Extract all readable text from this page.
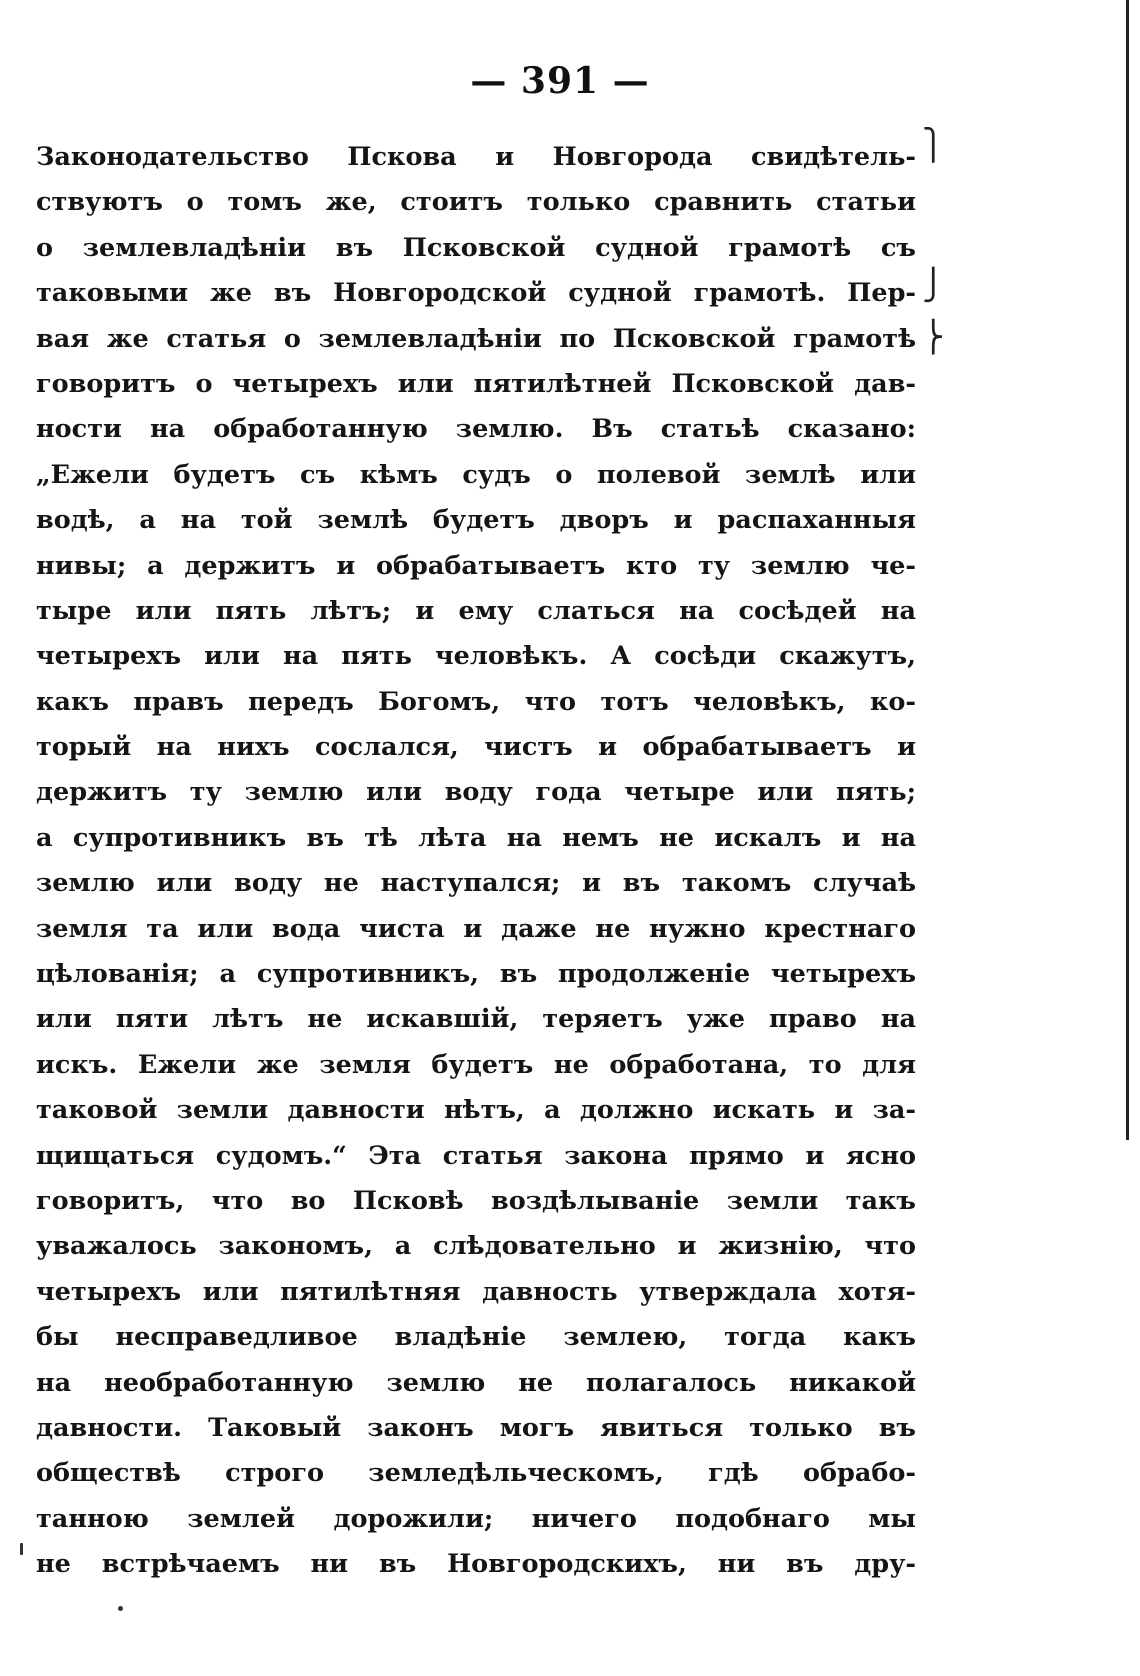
— 391 —
Законодательство Пскова и Новгорода свидѣтель-
ствуютъ о томъ же, стоитъ только сравнить статьи
о землевладѣніи въ Псковской судной грамотѣ съ
таковыми же въ Новгородской судной грамотѣ. Пер-
вая же статья о землевладѣніи по Псковской грамотѣ
говоритъ о четырехъ или пятилѣтней Псковской дав-
ности на обработанную землю. Въ статьѣ сказано:
„Ежели будетъ съ кѣмъ судъ о полевой землѣ или
водѣ, а на той землѣ будетъ дворъ и распаханныя
нивы; а держитъ и обрабатываетъ кто ту землю че-
тыре или пять лѣтъ; и ему слаться на сосѣдей на
четырехъ или на пять человѣкъ. А сосѣди скажутъ,
какъ правъ передъ Богомъ, что тотъ человѣкъ, ко-
торый на нихъ сослался, чистъ и обрабатываетъ и
держитъ ту землю или воду года четыре или пять;
а супротивникъ въ тѣ лѣта на немъ не искалъ и на
землю или воду не наступался; и въ такомъ случаѣ
земля та или вода чиста и даже не нужно крестнаго
цѣлованія; а супротивникъ, въ продолженіе четырехъ
или пяти лѣтъ не искавшій, теряетъ уже право на
искъ. Ежели же земля будетъ не обработана, то для
таковой земли давности нѣтъ, а должно искать и за-
щищаться судомъ.“ Эта статья закона прямо и ясно
говоритъ, что во Псковѣ воздѣлываніе земли такъ
уважалось закономъ, а слѣдовательно и жизнію, что
четырехъ или пятилѣтняя давность утверждала хотя-
бы несправедливое владѣніе землею, тогда какъ
на необработанную землю не полагалось никакой
давности. Таковый законъ могъ явиться только въ
обществѣ строго земледѣльческомъ, гдѣ обрабо-
танною землей дорожили; ничего подобнаго мы
не встрѣчаемъ ни въ Новгородскихъ, ни въ дру-
⎫
⎭
⎬
